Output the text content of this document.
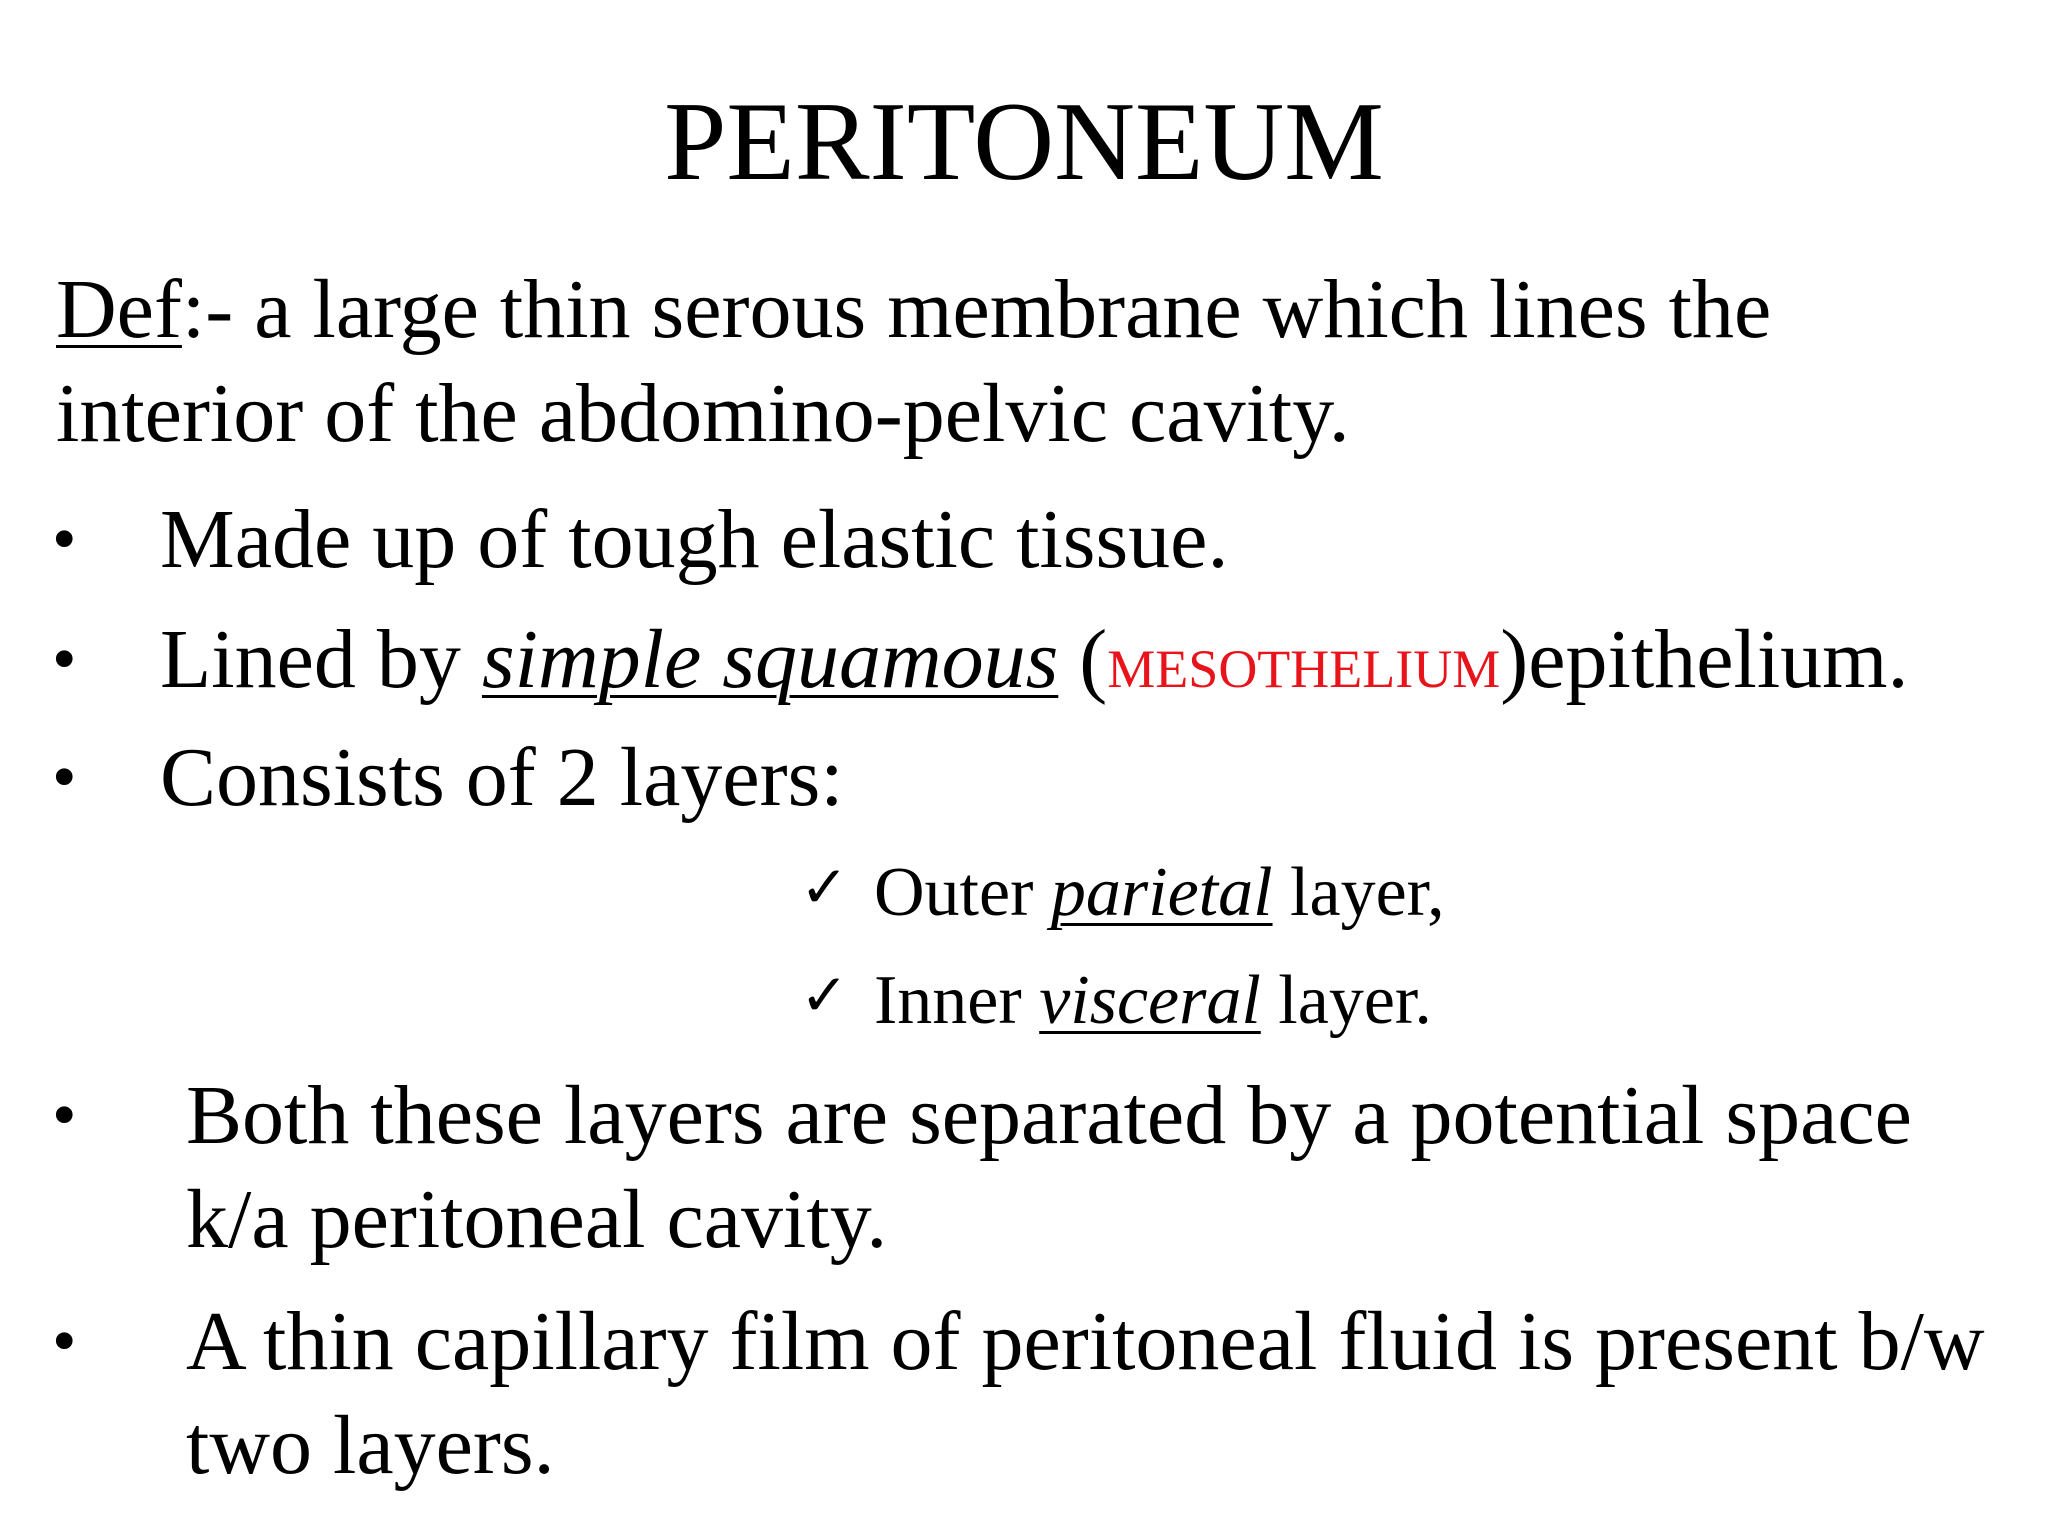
PERITONEUM
Def:- a large thin serous membrane which lines the interior of the abdomino-pelvic cavity.
• Made up of tough elastic tissue.
• Lined by simple squamous (MESOTHELIUM)epithelium.
• Consists of 2 layers:
✓ Outer parietal layer,
✓ Inner visceral layer.
• Both these layers are separated by a potential space k/a peritoneal cavity.
• A thin capillary film of peritoneal fluid is present b/w two layers.
